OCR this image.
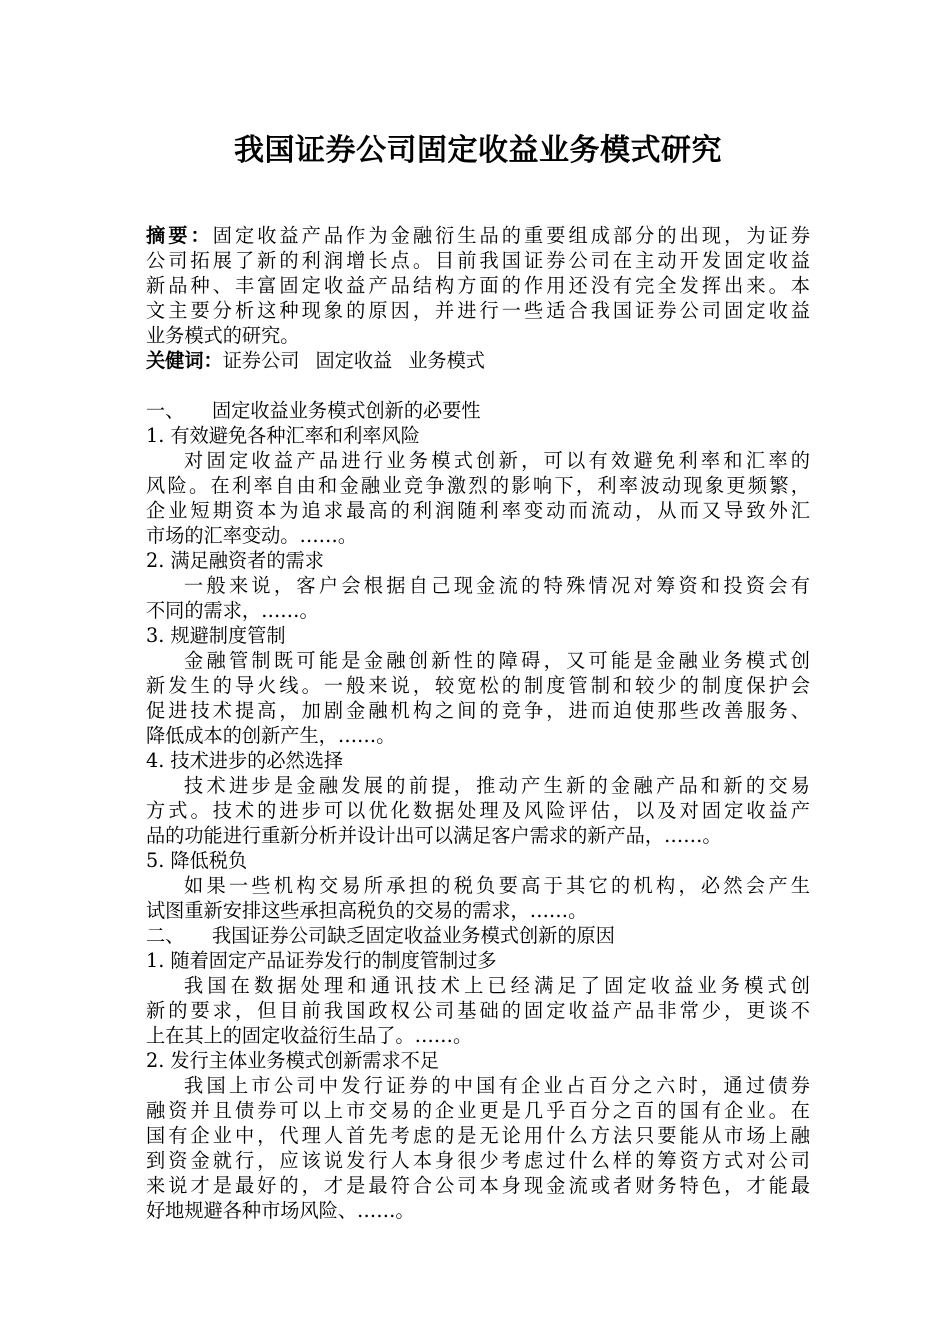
我国证券公司固定收益业务模式研究
摘要：固定收益产品作为金融衍生品的重要组成部分的出现，为证券
公司拓展了新的利润增长点。目前我国证券公司在主动开发固定收益
新品种、丰富固定收益产品结构方面的作用还没有完全发挥出来。本
文主要分析这种现象的原因，并进行一些适合我国证券公司固定收益
业务模式的研究。
关健词：证券公司 固定收益 业务模式
一、 固定收益业务模式创新的必要性
1. 有效避免各种汇率和利率风险
对固定收益产品进行业务模式创新，可以有效避免利率和汇率的
风险。在利率自由和金融业竞争激烈的影响下，利率波动现象更频繁，
企业短期资本为追求最高的利润随利率变动而流动，从而又导致外汇
市场的汇率变动。……。
2. 满足融资者的需求
一般来说，客户会根据自己现金流的特殊情况对筹资和投资会有
不同的需求，……。
3. 规避制度管制
金融管制既可能是金融创新性的障碍，又可能是金融业务模式创
新发生的导火线。一般来说，较宽松的制度管制和较少的制度保护会
促进技术提高，加剧金融机构之间的竞争，进而迫使那些改善服务、
降低成本的创新产生，……。
4. 技术进步的必然选择
技术进步是金融发展的前提，推动产生新的金融产品和新的交易
方式。技术的进步可以优化数据处理及风险评估，以及对固定收益产
品的功能进行重新分析并设计出可以满足客户需求的新产品，……。
5. 降低税负
如果一些机构交易所承担的税负要高于其它的机构，必然会产生
试图重新安排这些承担高税负的交易的需求，……。
二、 我国证券公司缺乏固定收益业务模式创新的原因
1. 随着固定产品证券发行的制度管制过多
我国在数据处理和通讯技术上已经满足了固定收益业务模式创
新的要求，但目前我国政权公司基础的固定收益产品非常少，更谈不
上在其上的固定收益衍生品了。……。
2. 发行主体业务模式创新需求不足
我国上市公司中发行证券的中国有企业占百分之六时，通过债券
融资并且债券可以上市交易的企业更是几乎百分之百的国有企业。在
国有企业中，代理人首先考虑的是无论用什么方法只要能从市场上融
到资金就行，应该说发行人本身很少考虑过什么样的筹资方式对公司
来说才是最好的，才是最符合公司本身现金流或者财务特色，才能最
好地规避各种市场风险、……。
